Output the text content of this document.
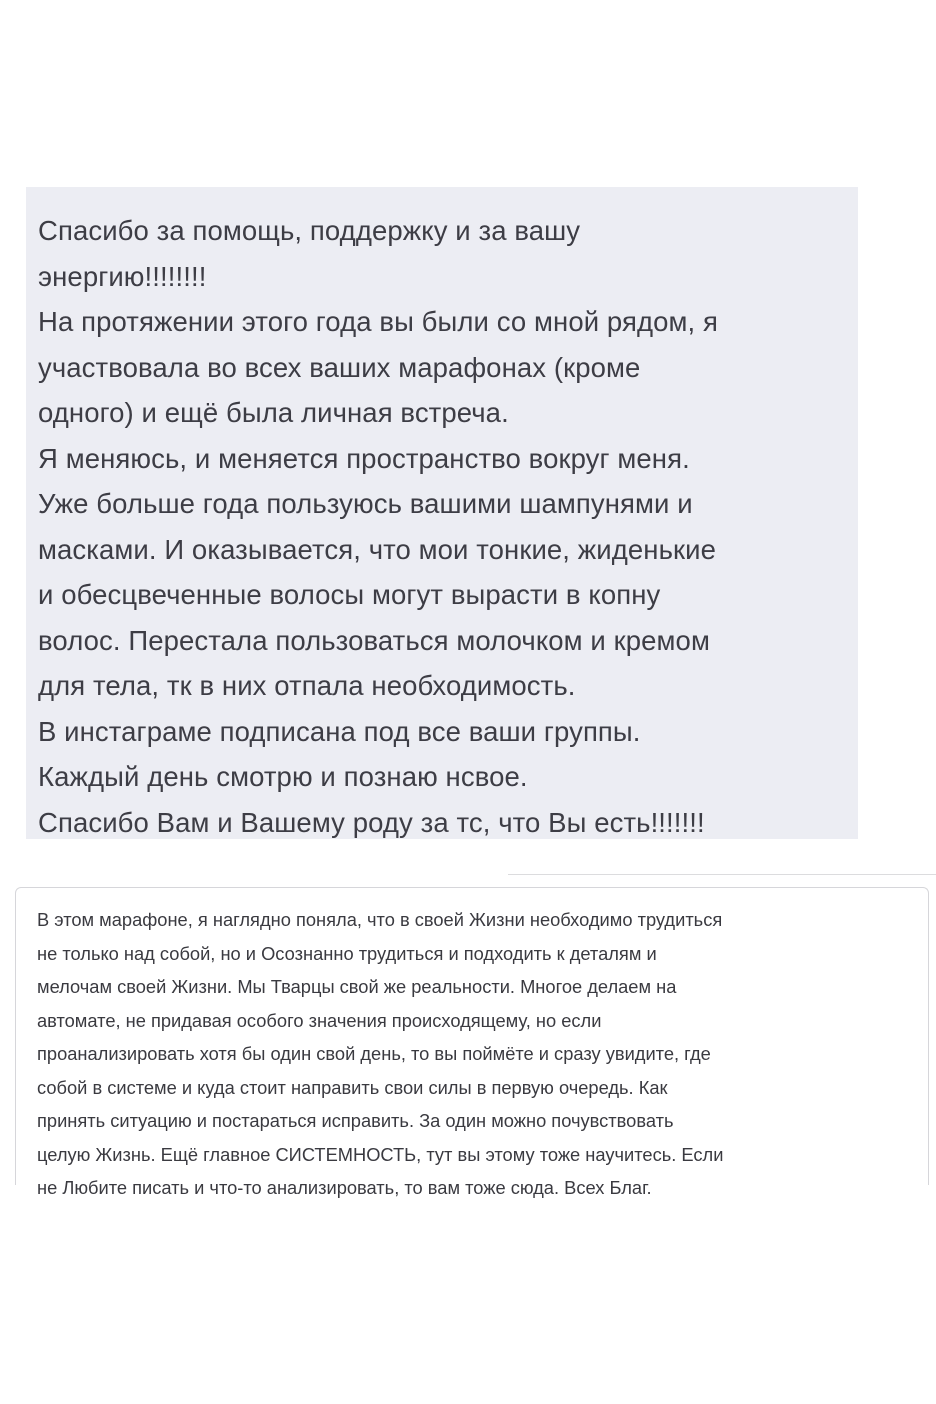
Спасибо за помощь, поддержку и за вашу
энергию!!!!!!!!
На протяжении этого года вы были со мной рядом, я
участвовала во всех ваших марафонах (кроме
одного) и ещё была личная встреча.
Я меняюсь, и меняется пространство вокруг меня.
Уже больше года пользуюсь вашими шампунями и
масками. И оказывается, что мои тонкие, жиденькие
и обесцвеченные волосы могут вырасти в копну
волос. Перестала пользоваться молочком и кремом
для тела, тк в них отпала необходимость.
В инстаграме подписана под все ваши группы.
Каждый день смотрю и познаю нсвое.
Спасибо Вам и Вашему роду за тс, что Вы есть!!!!!!!
В этом марафоне, я наглядно поняла, что в своей Жизни необходимо трудиться
не только над собой, но и Осознанно трудиться и подходить к деталям и
мелочам своей Жизни. Мы Тварцы свой же реальности. Многое делаем на
автомате, не придавая особого значения происходящему, но если
проанализировать хотя бы один свой день, то вы поймёте и сразу увидите, где
собой в системе и куда стоит направить свои силы в первую очередь. Как
принять ситуацию и постараться исправить. За один можно почувствовать
целую Жизнь. Ещё главное СИСТЕМНОСТЬ, тут вы этому тоже научитесь. Если
не Любите писать и что-то анализировать, то вам тоже сюда. Всех Благ.
